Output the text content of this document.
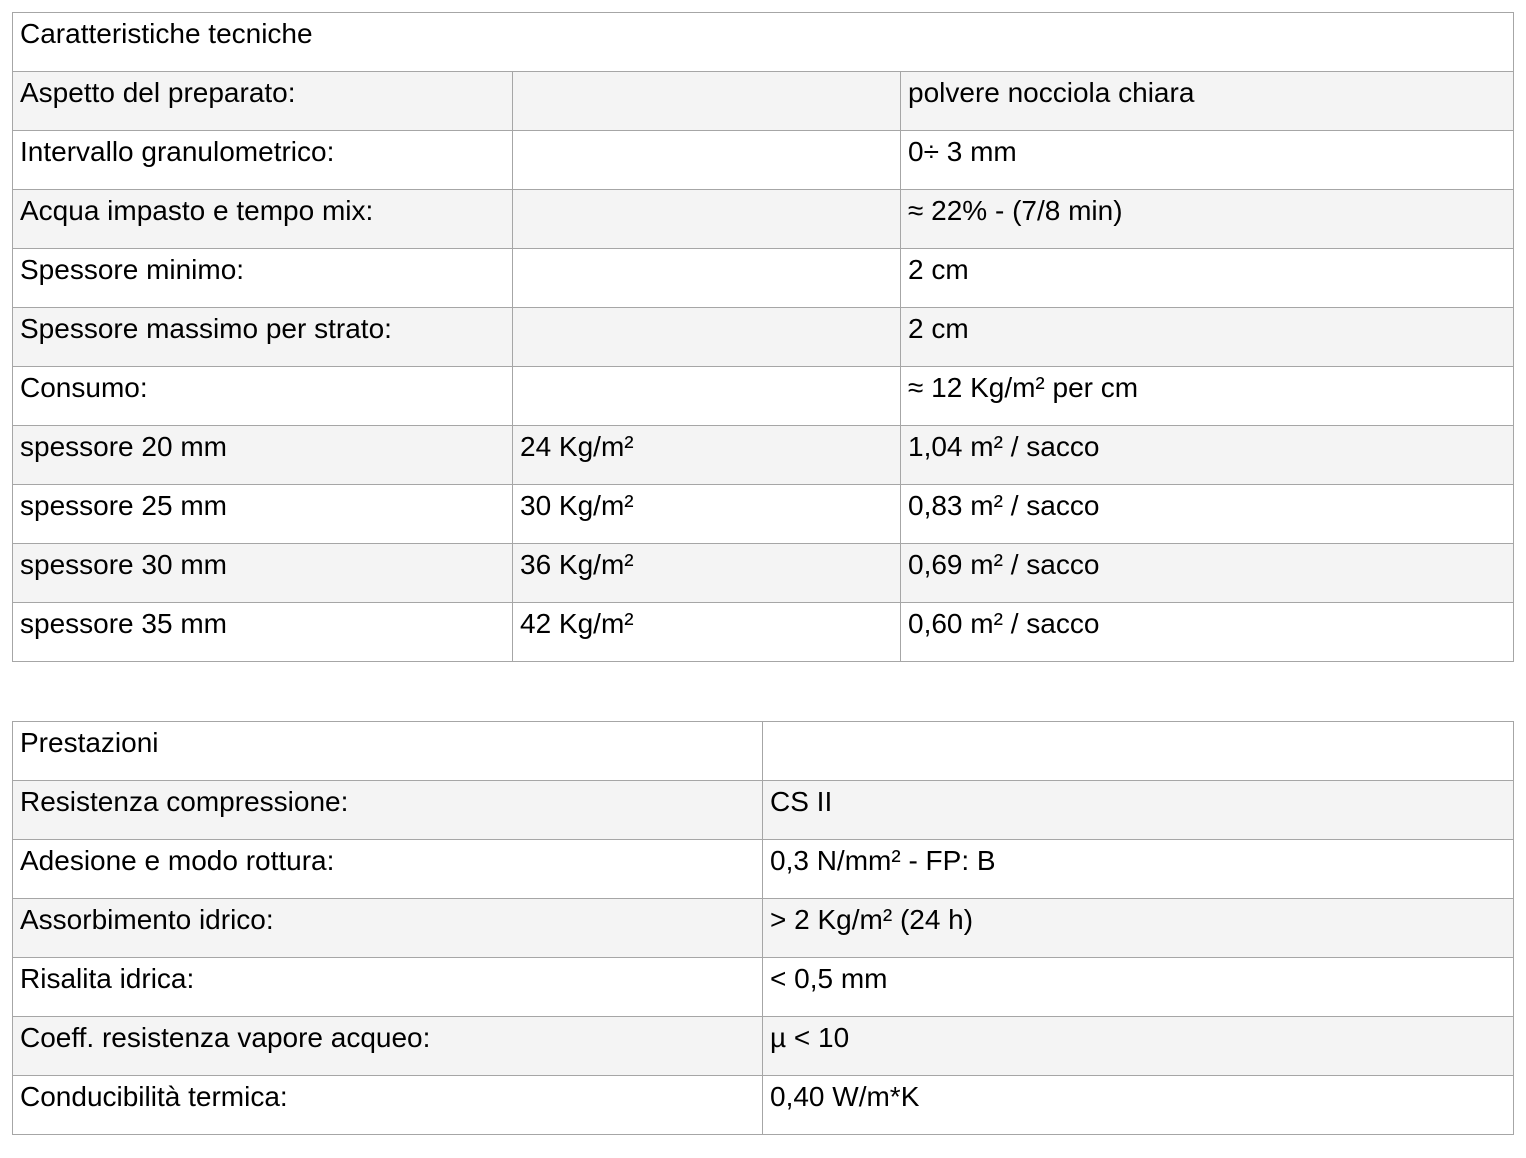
Caratteristiche tecniche		

Aspetto del preparato:		polvere nocciola chiara

Intervallo granulometrico:		0÷ 3 mm

Acqua impasto e tempo mix:		≈ 22% - (7/8 min)

Spessore minimo:		2 cm

Spessore massimo per strato:		2 cm

Consumo:		≈ 12 Kg/m² per cm

spessore 20 mm	24 Kg/m²	1,04 m² / sacco

spessore 25 mm	30 Kg/m²	0,83 m² / sacco

spessore 30 mm	36 Kg/m²	0,69 m² / sacco

spessore 35 mm	42 Kg/m²	0,60 m² / sacco
Prestazioni	

Resistenza compressione:	CS II

Adesione e modo rottura:	0,3 N/mm² - FP: B

Assorbimento idrico:	> 2 Kg/m² (24 h)

Risalita idrica:	< 0,5 mm

Coeff. resistenza vapore acqueo:	µ < 10

Conducibilità termica:	0,40 W/m*K
